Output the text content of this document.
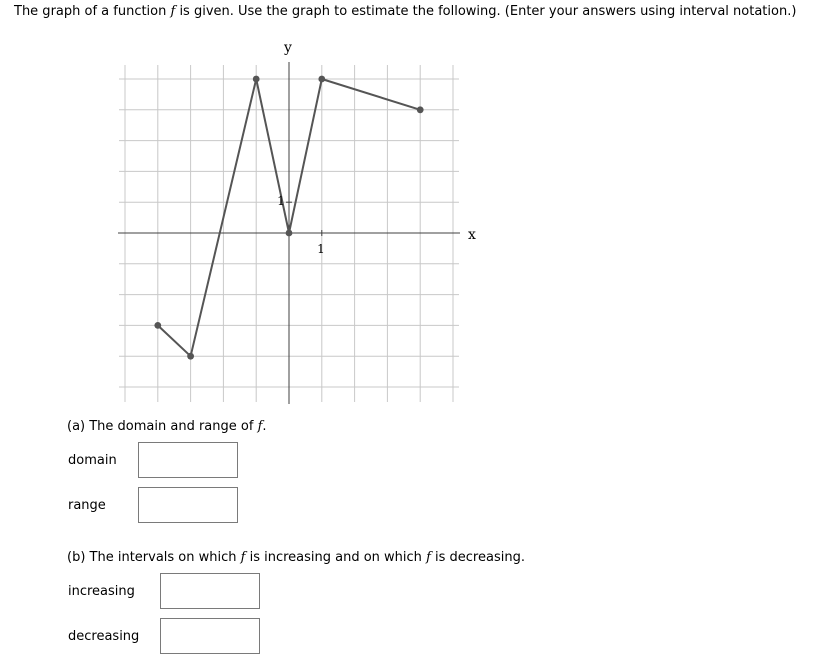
The graph of a function f is given. Use the graph to estimate the following. (Enter your answers using interval notation.)
y
x
1
1
(a) The domain and range of f.
domain
range
(b) The intervals on which f is increasing and on which f is decreasing.
increasing
decreasing
